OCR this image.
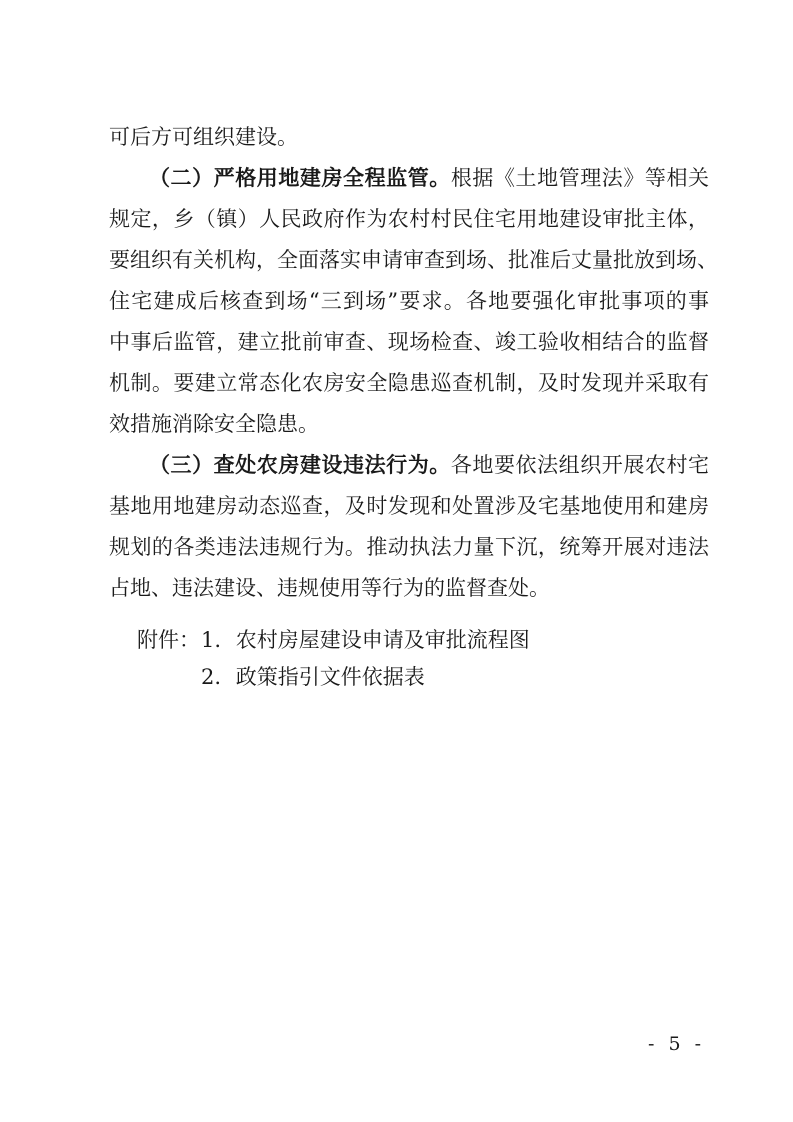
可后方可组织建设。
（二）严格用地建房全程监管。根据《土地管理法》等相关
规定，乡（镇）人民政府作为农村村民住宅用地建设审批主体，
要组织有关机构，全面落实申请审查到场、批准后丈量批放到场、
住宅建成后核查到场“三到场”要求。各地要强化审批事项的事
中事后监管，建立批前审查、现场检查、竣工验收相结合的监督
机制。要建立常态化农房安全隐患巡查机制，及时发现并采取有
效措施消除安全隐患。
（三）查处农房建设违法行为。各地要依法组织开展农村宅
基地用地建房动态巡查，及时发现和处置涉及宅基地使用和建房
规划的各类违法违规行为。推动执法力量下沉，统筹开展对违法
占地、违法建设、违规使用等行为的监督查处。
附件： 1. 农村房屋建设申请及审批流程图
2. 政策指引文件依据表
- 5 -
